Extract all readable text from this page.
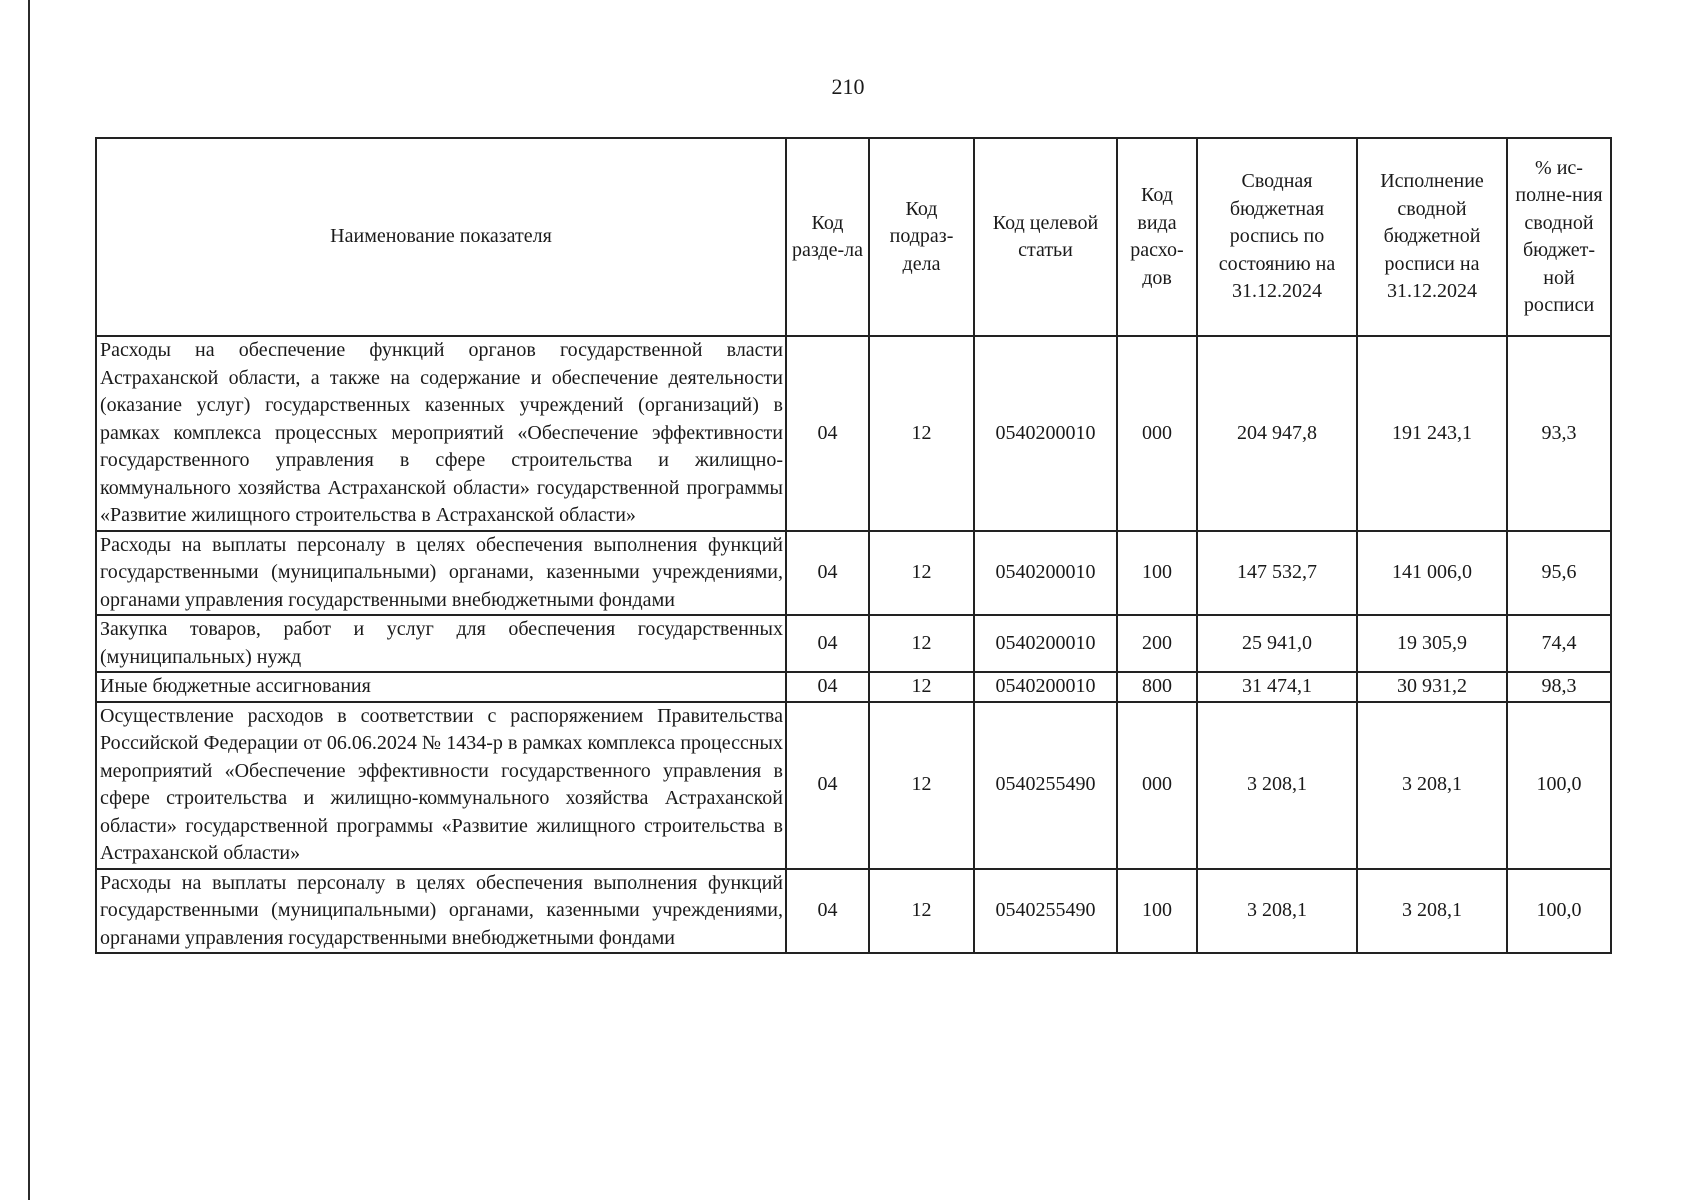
210
Наименование показателя	Код разде-ла	Код подраз-дела	Код целевой статьи	Код вида расхо-дов	Сводная бюджетная роспись по состоянию на 31.12.2024	Исполнение сводной бюджетной росписи на 31.12.2024	% ис-полне-ния сводной бюджет-ной росписи
Расходы на обеспечение функций органов государственной власти Астраханской области, а также на содержание и обеспечение деятельности (оказание услуг) государственных казенных учреждений (организаций) в рамках комплекса процессных мероприятий «Обеспечение эффективности государственного управления в сфере строительства и жилищно-коммунального хозяйства Астраханской области» государственной программы «Развитие жилищного строительства в Астраханской области»	04	12	0540200010	000	204 947,8	191 243,1	93,3
Расходы на выплаты персоналу в целях обеспечения выполнения функций государственными (муниципальными) органами, казенными учреждениями, органами управления государственными внебюджетными фондами	04	12	0540200010	100	147 532,7	141 006,0	95,6
Закупка товаров, работ и услуг для обеспечения государственных (муниципальных) нужд	04	12	0540200010	200	25 941,0	19 305,9	74,4
Иные бюджетные ассигнования	04	12	0540200010	800	31 474,1	30 931,2	98,3
Осуществление расходов в соответствии с распоряжением Правительства Российской Федерации от 06.06.2024 № 1434-р в рамках комплекса процессных мероприятий «Обеспечение эффективности государственного управления в сфере строительства и жилищно-коммунального хозяйства Астраханской области» государственной программы «Развитие жилищного строительства в Астраханской области»	04	12	0540255490	000	3 208,1	3 208,1	100,0
Расходы на выплаты персоналу в целях обеспечения выполнения функций государственными (муниципальными) органами, казенными учреждениями, органами управления государственными внебюджетными фондами	04	12	0540255490	100	3 208,1	3 208,1	100,0
